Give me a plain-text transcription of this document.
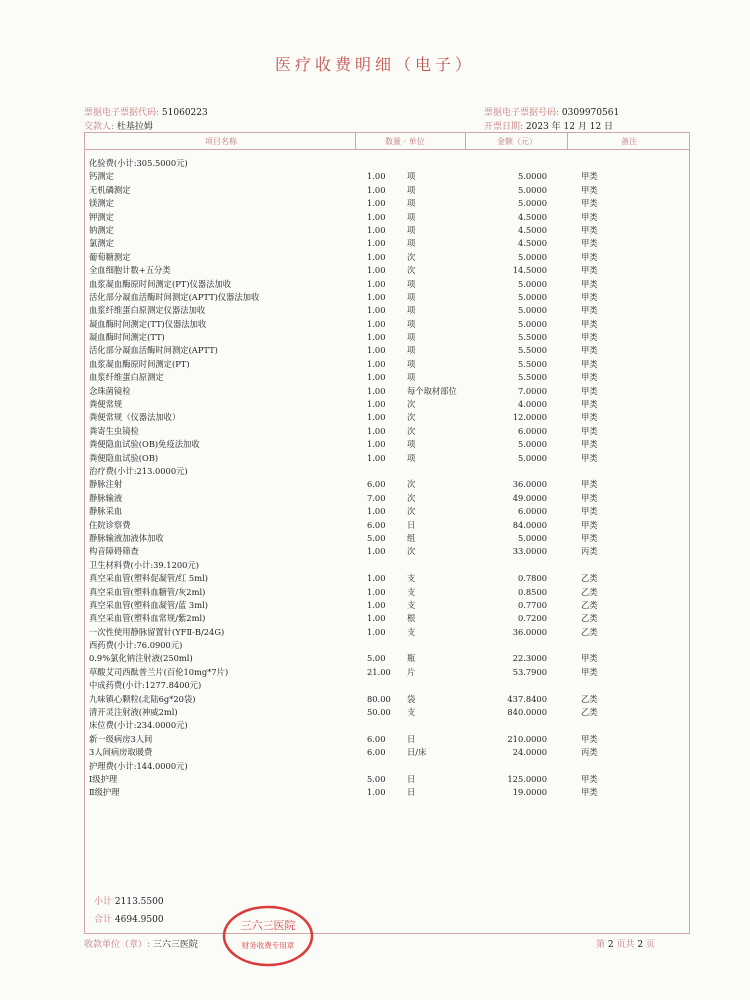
医疗收费明细（电子）
票据电子票据代码: 51060223
交款人: 杜基拉姆
票据电子票据号码: 0309970561
开票日期: 2023 年 12 月 12 日
项目名称	数量 · 单位	金额（元）	备注
化验费(小计:305.5000元)
钙测定	1.00	项	5.0000	甲类
无机磷测定	1.00	项	5.0000	甲类
镁测定	1.00	项	5.0000	甲类
钾测定	1.00	项	4.5000	甲类
钠测定	1.00	项	4.5000	甲类
氯测定	1.00	项	4.5000	甲类
葡萄糖测定	1.00	次	5.0000	甲类
全血细胞计数+五分类	1.00	次	14.5000	甲类
血浆凝血酶原时间测定(PT)仪器法加收	1.00	项	5.0000	甲类
活化部分凝血活酶时间测定(APTT)仪器法加收	1.00	项	5.0000	甲类
血浆纤维蛋白原测定仪器法加收	1.00	项	5.0000	甲类
凝血酶时间测定(TT)仪器法加收	1.00	项	5.0000	甲类
凝血酶时间测定(TT)	1.00	项	5.5000	甲类
活化部分凝血活酶时间测定(APTT)	1.00	项	5.5000	甲类
血浆凝血酶原时间测定(PT)	1.00	项	5.5000	甲类
血浆纤维蛋白原测定	1.00	项	5.5000	甲类
念珠菌镜检	1.00	每个取材部位	7.0000	甲类
粪便常规	1.00	次	4.0000	甲类
粪便常规（仪器法加收）	1.00	次	12.0000	甲类
粪寄生虫镜检	1.00	次	6.0000	甲类
粪便隐血试验(OB)免疫法加收	1.00	项	5.0000	甲类
粪便隐血试验(OB)	1.00	项	5.0000	甲类
治疗费(小计:213.0000元)
静脉注射	6.00	次	36.0000	甲类
静脉输液	7.00	次	49.0000	甲类
静脉采血	1.00	次	6.0000	甲类
住院诊察费	6.00	日	84.0000	甲类
静脉输液加液体加收	5.00	组	5.0000	甲类
构音障碍筛查	1.00	次	33.0000	丙类
卫生材料费(小计:39.1200元)
真空采血管(塑料促凝管/红 5ml)	1.00	支	0.7800	乙类
真空采血管(塑料血糖管/灰2ml)	1.00	支	0.8500	乙类
真空采血管(塑料血凝管/蓝 3ml)	1.00	支	0.7700	乙类
真空采血管(塑料血常规/紫2ml)	1.00	根	0.7200	乙类
一次性使用静脉留置针(YFⅡ-B/24G)	1.00	支	36.0000	乙类
西药费(小计:76.0900元)
0.9%氯化钠注射液(250ml)	5.00	瓶	22.3000	甲类
草酸艾司西酞普兰片(百伦10mg*7片)	21.00 片	53.7900	甲类
中成药费(小计:1277.8400元)
九味镇心颗粒(北陆6g*20袋)	80.00 袋	437.8400	乙类
清开灵注射液(神威2ml)	50.00 支	840.0000	乙类
床位费(小计:234.0000元)
新一级病房3人间	6.00	日	210.0000	甲类
3人间病房取暖费	6.00	日/床	24.0000	丙类
护理费(小计:144.0000元)
Ⅰ级护理	5.00	日	125.0000	甲类
Ⅱ级护理	1.00	日	19.0000	甲类
小计 2113.5500
合计 4694.9500
收款单位（章）: 三六三医院	第 2 页共 2 页
三六三医院
财务收费专用章
